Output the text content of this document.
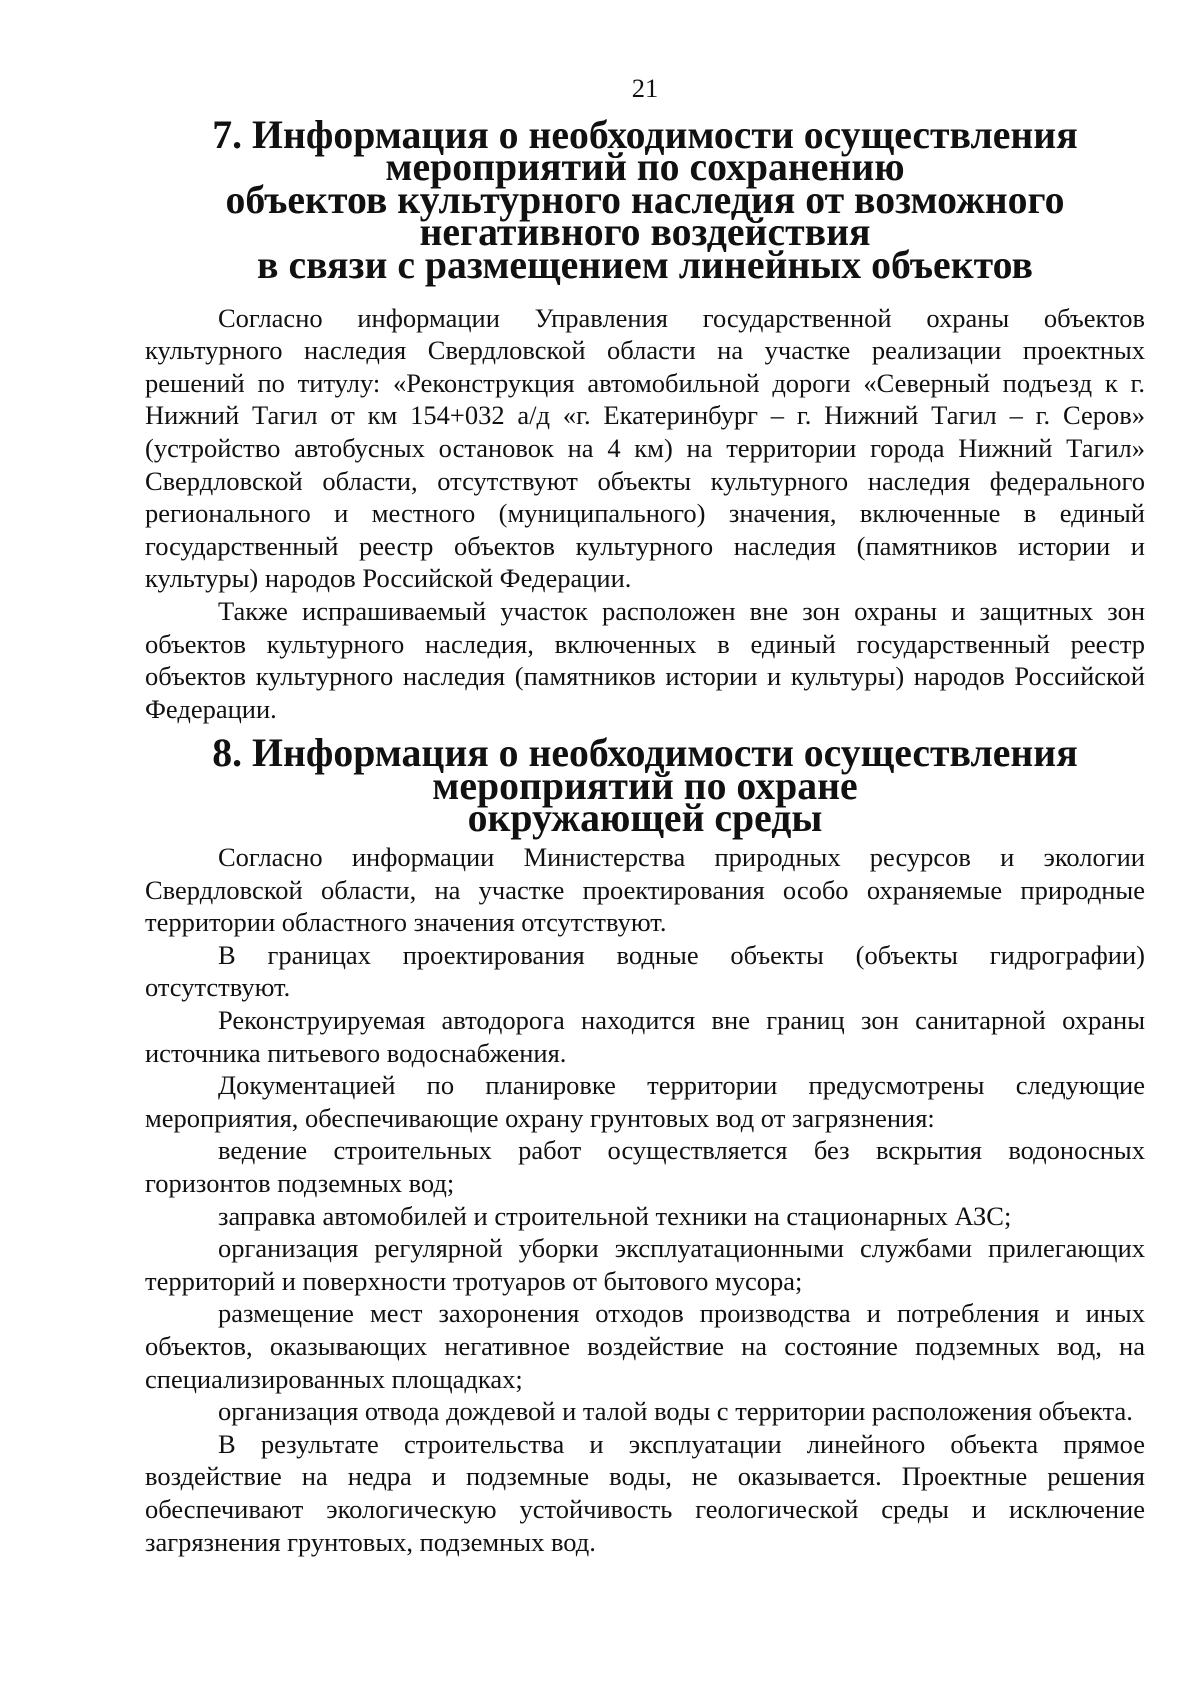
21
7. Информация о необходимости осуществления мероприятий по сохранению
объектов культурного наследия от возможного негативного воздействия
в связи с размещением линейных объектов

Согласно информации Управления государственной охраны объектов культурного наследия Свердловской области на участке реализации проектных решений по титулу: «Реконструкция автомобильной дороги «Северный подъезд к г. Нижний Тагил от км 154+032 а/д «г. Екатеринбург – г. Нижний Тагил – г. Серов» (устройство автобусных остановок на 4 км) на территории города Нижний Тагил» Свердловской области, отсутствуют объекты культурного наследия федерального регионального и местного (муниципального) значения, включенные в единый государственный реестр объектов культурного наследия (памятников истории и культуры) народов Российской Федерации.

Также испрашиваемый участок расположен вне зон охраны и защитных зон объектов культурного наследия, включенных в единый государственный реестр объектов культурного наследия (памятников истории и культуры) народов Российской Федерации.

8. Информация о необходимости осуществления мероприятий по охране
окружающей среды

Согласно информации Министерства природных ресурсов и экологии Свердловской области, на участке проектирования особо охраняемые природные территории областного значения отсутствуют.

В границах проектирования водные объекты (объекты гидрографии) отсутствуют.

Реконструируемая автодорога находится вне границ зон санитарной охраны источника питьевого водоснабжения.

Документацией по планировке территории предусмотрены следующие мероприятия, обеспечивающие охрану грунтовых вод от загрязнения:

ведение строительных работ осуществляется без вскрытия водоносных горизонтов подземных вод;

заправка автомобилей и строительной техники на стационарных АЗС;

организация регулярной уборки эксплуатационными службами прилегающих территорий и поверхности тротуаров от бытового мусора;

размещение мест захоронения отходов производства и потребления и иных объектов, оказывающих негативное воздействие на состояние подземных вод, на специализированных площадках;

организация отвода дождевой и талой воды с территории расположения объекта.

В результате строительства и эксплуатации линейного объекта прямое воздействие на недра и подземные воды, не оказывается. Проектные решения обеспечивают экологическую устойчивость геологической среды и исключение загрязнения грунтовых, подземных вод.
